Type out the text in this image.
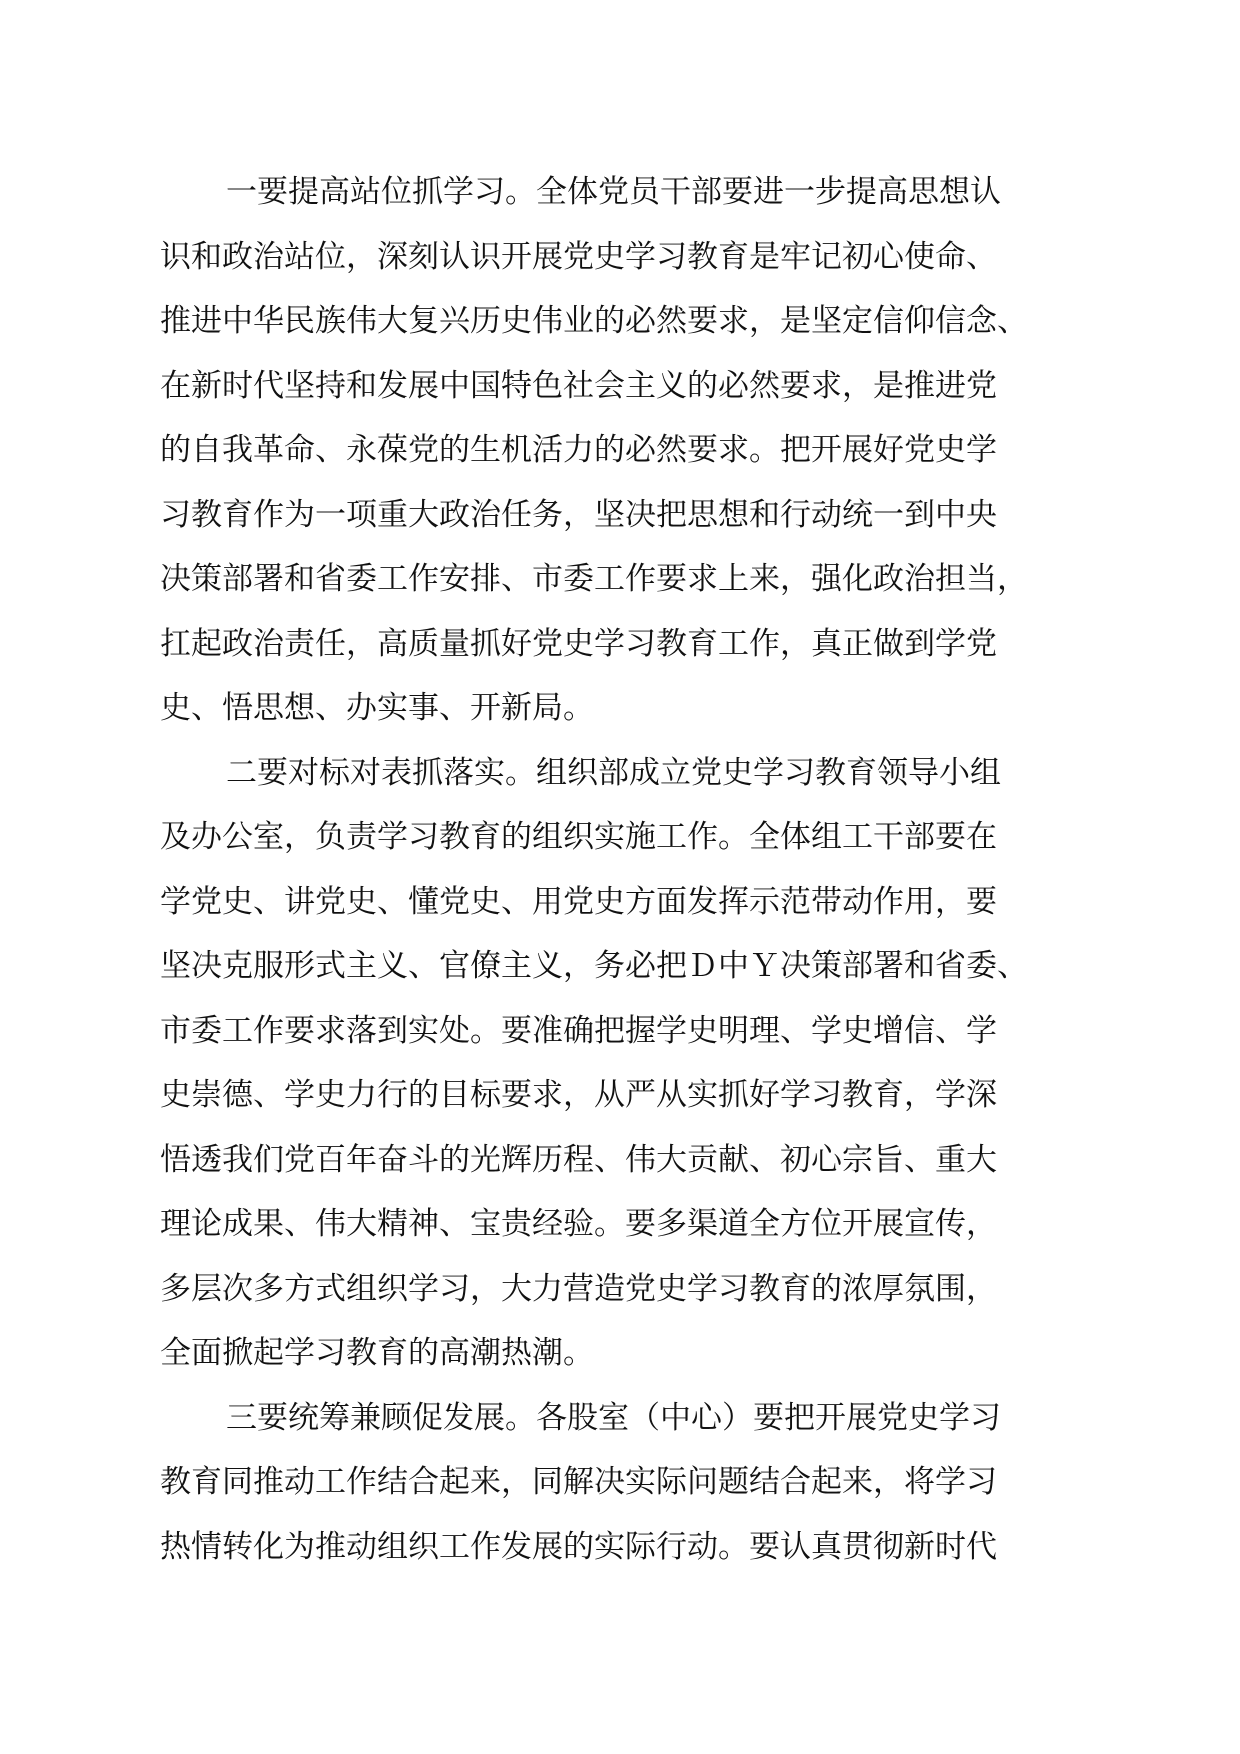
一要提高站位抓学习。全体党员干部要进一步提高思想认
识和政治站位，深刻认识开展党史学习教育是牢记初心使命、
推进中华民族伟大复兴历史伟业的必然要求，是坚定信仰信念、
在新时代坚持和发展中国特色社会主义的必然要求，是推进党
的自我革命、永葆党的生机活力的必然要求。把开展好党史学
习教育作为一项重大政治任务，坚决把思想和行动统一到中央
决策部署和省委工作安排、市委工作要求上来，强化政治担当，
扛起政治责任，高质量抓好党史学习教育工作，真正做到学党
史、悟思想、办实事、开新局。

二要对标对表抓落实。组织部成立党史学习教育领导小组
及办公室，负责学习教育的组织实施工作。全体组工干部要在
学党史、讲党史、懂党史、用党史方面发挥示范带动作用，要
坚决克服形式主义、官僚主义，务必把Ｄ中Ｙ决策部署和省委、
市委工作要求落到实处。要准确把握学史明理、学史增信、学
史崇德、学史力行的目标要求，从严从实抓好学习教育，学深
悟透我们党百年奋斗的光辉历程、伟大贡献、初心宗旨、重大
理论成果、伟大精神、宝贵经验。要多渠道全方位开展宣传，
多层次多方式组织学习，大力营造党史学习教育的浓厚氛围，
全面掀起学习教育的高潮热潮。

三要统筹兼顾促发展。各股室（中心）要把开展党史学习
教育同推动工作结合起来，同解决实际问题结合起来，将学习
热情转化为推动组织工作发展的实际行动。要认真贯彻新时代
